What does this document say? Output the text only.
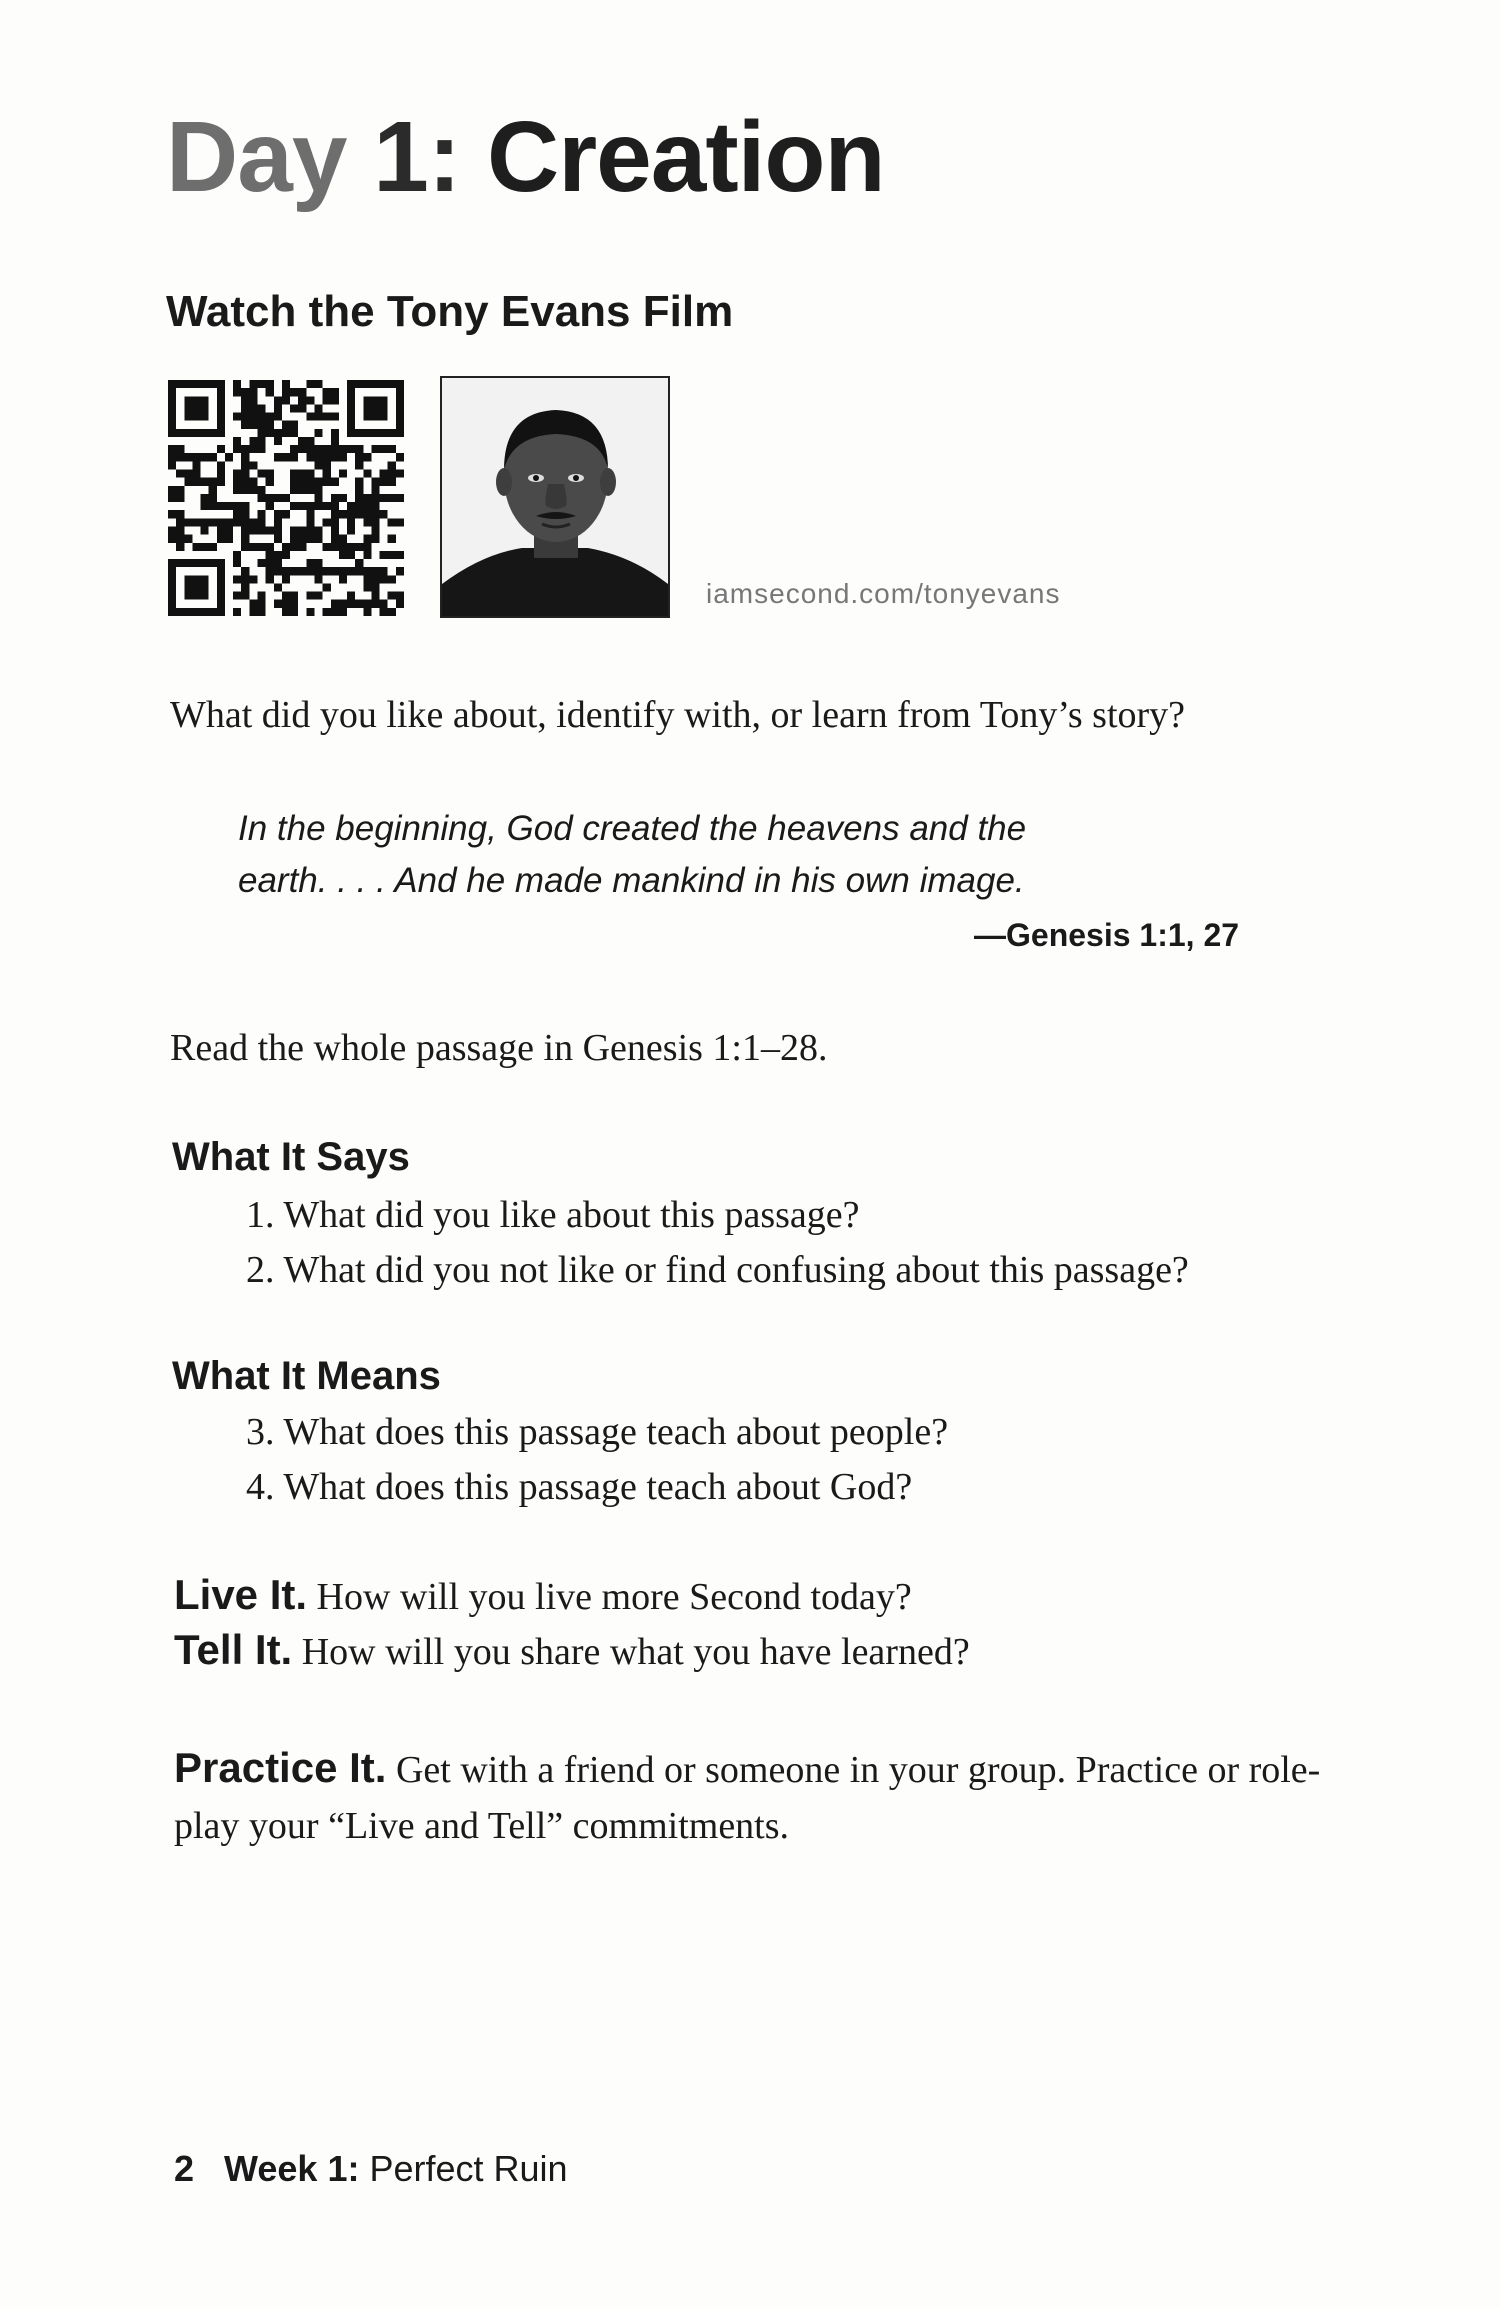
Day 1: Creation
Watch the Tony Evans Film
iamsecond.com/tonyevans
What did you like about, identify with, or learn from Tony’s story?
In the beginning, God created the heavens and the
earth. . . . And he made mankind in his own image.
—Genesis 1:1, 27
Read the whole passage in Genesis 1:1–28.
What It Says
1. What did you like about this passage?
2. What did you not like or find confusing about this passage?
What It Means
3. What does this passage teach about people?
4. What does this passage teach about God?
Live It. How will you live more Second today?
Tell It. How will you share what you have learned?
Practice It. Get with a friend or someone in your group. Practice or role-play your “Live and Tell” commitments.
2 Week 1: Perfect Ruin
